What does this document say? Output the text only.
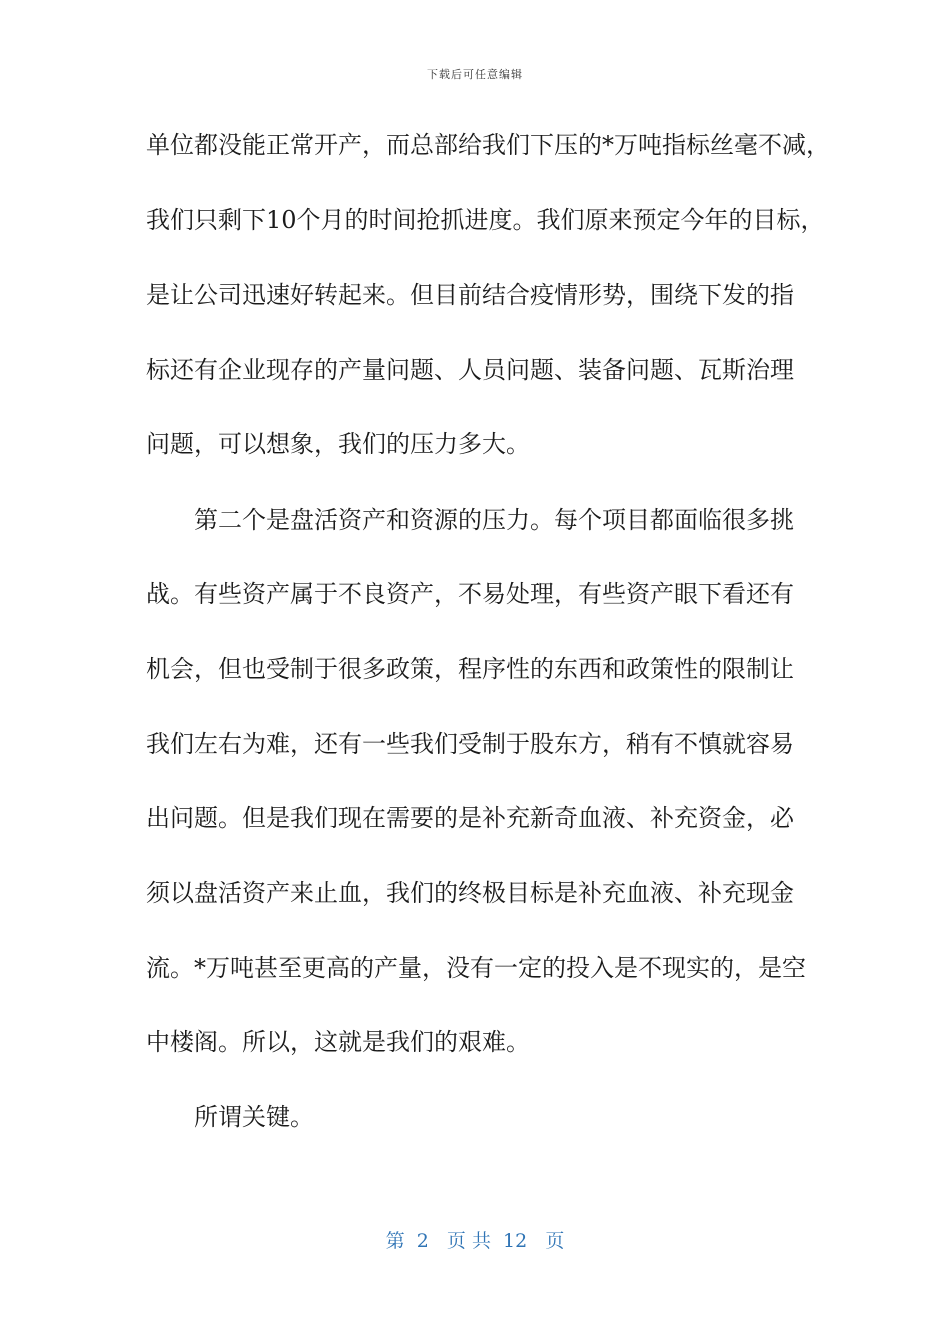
下载后可任意编辑
单位都没能正常开产，而总部给我们下压的*万吨指标丝毫不减，
我们只剩下10个月的时间抢抓进度。我们原来预定今年的目标，
是让公司迅速好转起来。但目前结合疫情形势，围绕下发的指
标还有企业现存的产量问题、人员问题、装备问题、瓦斯治理
问题，可以想象，我们的压力多大。
第二个是盘活资产和资源的压力。每个项目都面临很多挑
战。有些资产属于不良资产，不易处理，有些资产眼下看还有
机会，但也受制于很多政策，程序性的东西和政策性的限制让
我们左右为难，还有一些我们受制于股东方，稍有不慎就容易
出问题。但是我们现在需要的是补充新奇血液、补充资金，必
须以盘活资产来止血，我们的终极目标是补充血液、补充现金
流。*万吨甚至更高的产量，没有一定的投入是不现实的，是空
中楼阁。所以，这就是我们的艰难。
所谓关键。
第  2   页 共  12   页
